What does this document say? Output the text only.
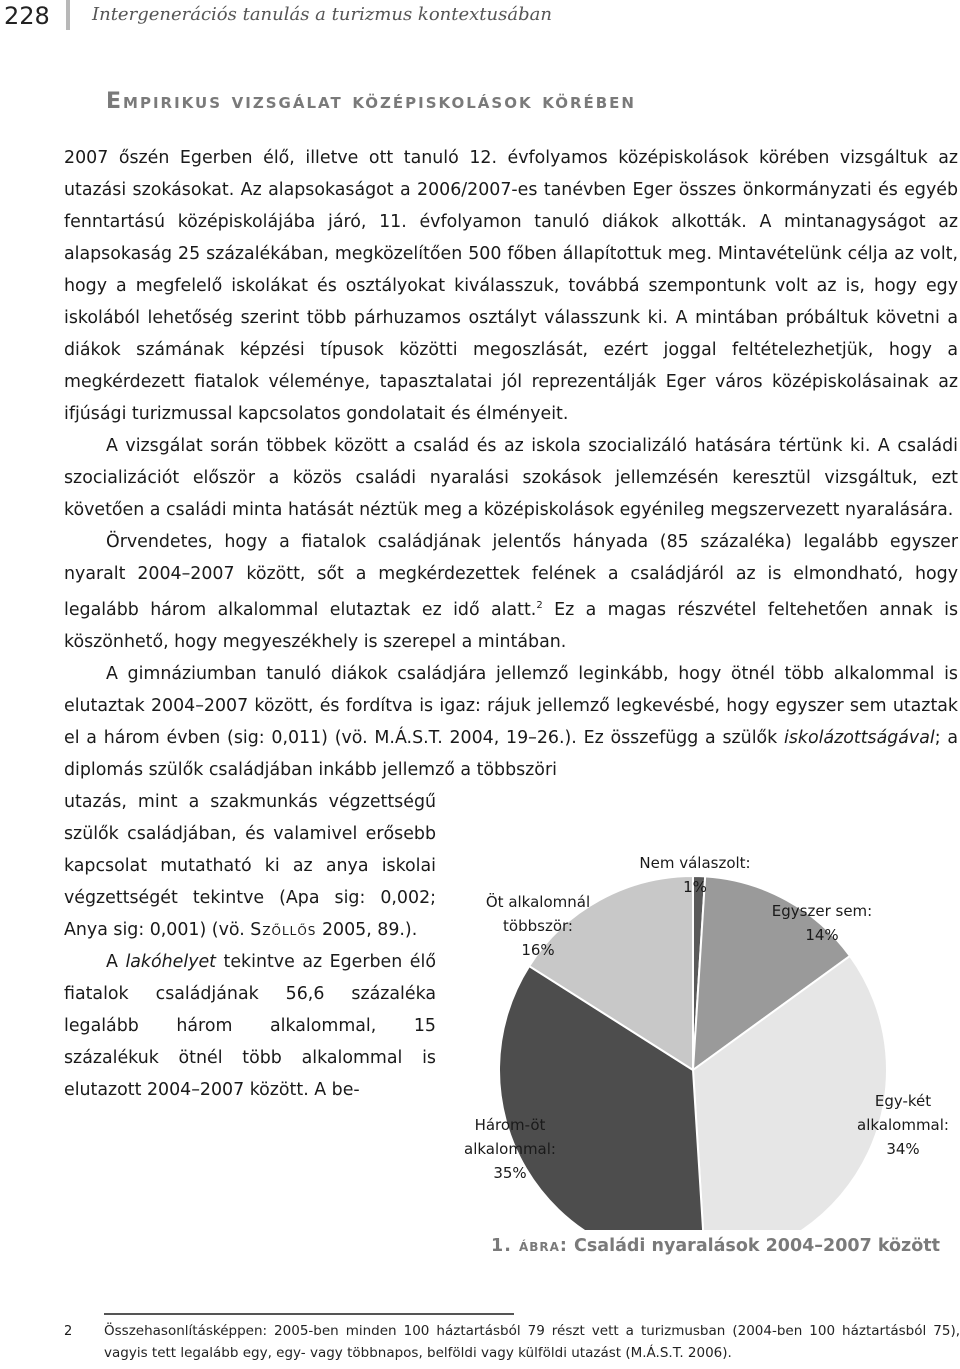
228 Intergenerációs tanulás a turizmus kontextusában
Empirikus vizsgálat középiskolások körében

2007 őszén Egerben élő, illetve ott tanuló 12. évfolyamos középiskolások körében vizsgáltuk az utazási szokásokat. Az alapsokaságot a 2006/2007-es tanévben Eger összes önkormányzati és egyéb fenntartású középiskolájába járó, 11. évfolyamon tanuló diákok alkották. A mintanagyságot az alapsokaság 25 százalékában, megközelítően 500 főben állapítottuk meg. Mintavételünk célja az volt, hogy a megfelelő iskolákat és osztályokat kiválasszuk, továbbá szempontunk volt az is, hogy egy iskolából lehetőség szerint több párhuzamos osztályt válasszunk ki. A mintában próbáltuk követni a diákok számának képzési típusok közötti megoszlását, ezért joggal feltételezhetjük, hogy a megkérdezett fiatalok véleménye, tapasztalatai jól reprezentálják Eger város középiskolásainak az ifjúsági turizmussal kapcsolatos gondolatait és élményeit.

A vizsgálat során többek között a család és az iskola szocializáló hatására tértünk ki. A családi szocializációt először a közös családi nyaralási szokások jellemzésén keresztül vizsgáltuk, ezt követően a családi minta hatását néztük meg a középiskolások egyénileg megszervezett nyaralására.

Örvendetes, hogy a fiatalok családjának jelentős hányada (85 százaléka) legalább egyszer nyaralt 2004–2007 között, sőt a megkérdezettek felének a családjáról az is elmondható, hogy legalább három alkalommal elutaztak ez idő alatt.$^2$ Ez a magas részvétel feltehetően annak is köszönhető, hogy megyeszékhely is szerepel a mintában.

A gimnáziumban tanuló diákok családjára jellemző leginkább, hogy ötnél több alkalommal is elutaztak 2004–2007 között, és fordítva is igaz: rájuk jellemző legkevésbé, hogy egyszer sem utaztak el a három évben (sig: 0,011) (vö. M.Á.S.T. 2004, 19–26.). Ez összefügg a szülők iskolázottságával; a diplomás szülők családjában inkább jellemző a többszöri

utazás, mint a szakmunkás végzettségű szülők családjában, és valamivel erősebb kapcsolat mutatható ki az anya iskolai végzettségét tekintve (Apa sig: 0,002; Anya sig: 0,001) (vö. Szőllős 2005, 89.).

A lakóhelyet tekintve az Egerben élő fiatalok családjának 56,6 százaléka legalább három alkalommal, 15 százalékuk ötnél több alkalommal is elutazott 2004–2007 között. A be-

Nem válaszolt:
1%
Egyszer sem:
14%
Egy-két
alkalommal:
34%
Három-öt
alkalommal:
35%
Öt alkalomnál
többször:
16%
1. ábra: Családi nyaralások 2004–2007 között
2 Összehasonlításképpen: 2005-ben minden 100 háztartásból 79 részt vett a turizmusban (2004-ben 100 háztartásból 75), vagyis tett legalább egy, egy- vagy többnapos, belföldi vagy külföldi utazást (M.Á.S.T. 2006).
